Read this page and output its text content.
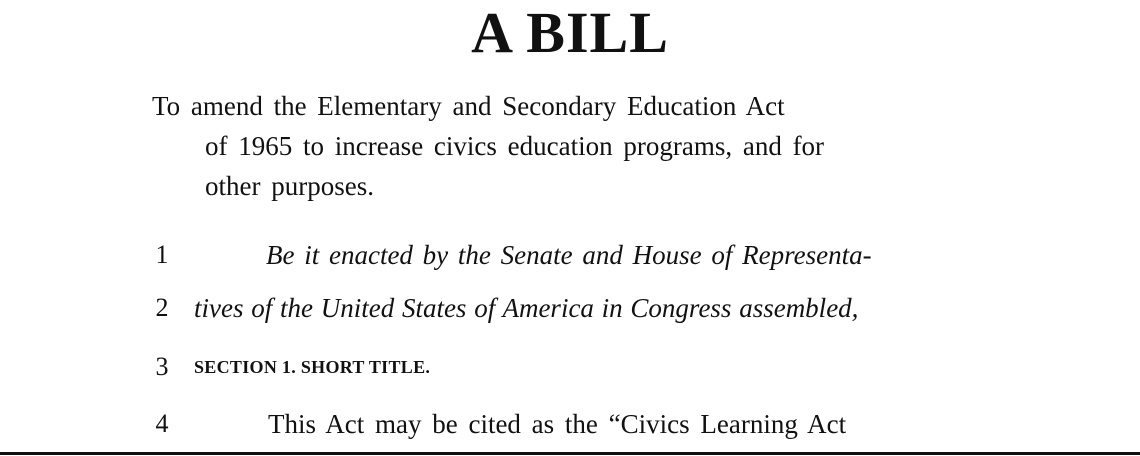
A BILL
To amend the Elementary and Secondary Education Act
of 1965 to increase civics education programs, and for
other purposes.
1	Be it enacted by the Senate and House of Representa-
2 tives of the United States of America in Congress assembled,
3	SECTION 1. SHORT TITLE.
4	This Act may be cited as the “Civics Learning Act
